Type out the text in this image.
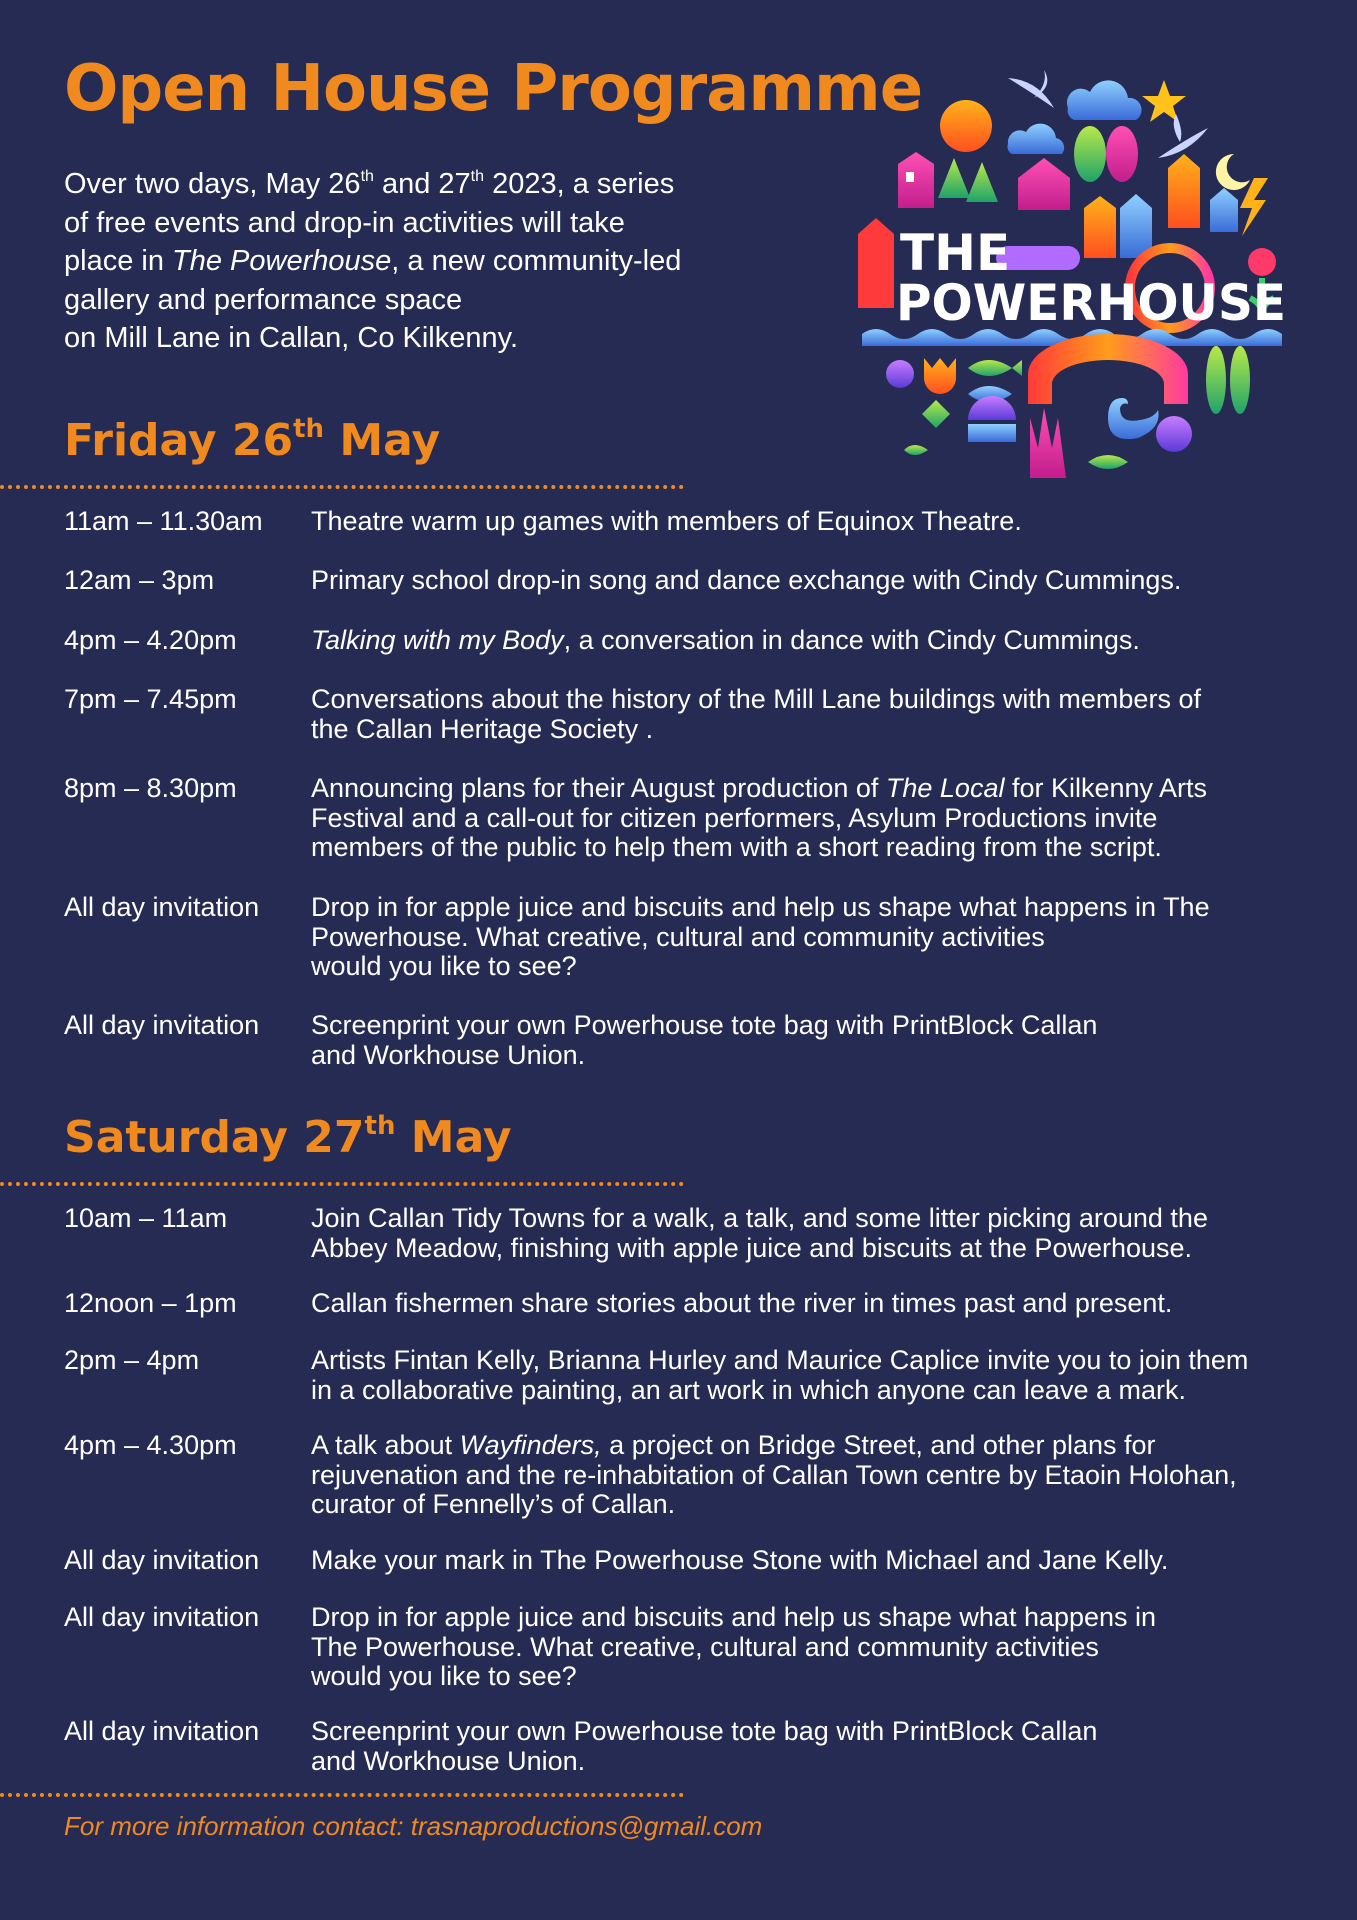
Open House Programme

Over two days, May 26th and 27th 2023, a series

of free events and drop-in activities will take

place in The Powerhouse, a new community-led

gallery and performance space

on Mill Lane in Callan, Co Kilkenny.

THE
POWERHOUSE
Friday 26th May
11am – 11.30am	Theatre warm up games with members of Equinox Theatre.
12am – 3pm	Primary school drop-in song and dance exchange with Cindy Cummings.
4pm – 4.20pm	Talking with my Body, a conversation in dance with Cindy Cummings.
7pm – 7.45pm	Conversations about the history of the Mill Lane buildings with members of
the Callan Heritage Society .
8pm – 8.30pm	Announcing plans for their August production of The Local for Kilkenny Arts
Festival and a call-out for citizen performers, Asylum Productions invite
members of the public to help them with a short reading from the script.
All day invitation	Drop in for apple juice and biscuits and help us shape what happens in The
Powerhouse. What creative, cultural and community activities
would you like to see?
All day invitation	Screenprint your own Powerhouse tote bag with PrintBlock Callan
and Workhouse Union.
Saturday 27th May
10am – 11am	Join Callan Tidy Towns for a walk, a talk, and some litter picking around the
Abbey Meadow, finishing with apple juice and biscuits at the Powerhouse.
12noon – 1pm	Callan fishermen share stories about the river in times past and present.
2pm – 4pm	Artists Fintan Kelly, Brianna Hurley and Maurice Caplice invite you to join them
in a collaborative painting, an art work in which anyone can leave a mark.
4pm – 4.30pm	A talk about Wayfinders, a project on Bridge Street, and other plans for
rejuvenation and the re-inhabitation of Callan Town centre by Etaoin Holohan,
curator of Fennelly’s of Callan.
All day invitation	Make your mark in The Powerhouse Stone with Michael and Jane Kelly.
All day invitation	Drop in for apple juice and biscuits and help us shape what happens in
The Powerhouse. What creative, cultural and community activities
would you like to see?
All day invitation	Screenprint your own Powerhouse tote bag with PrintBlock Callan
and Workhouse Union.
For more information contact: trasnaproductions@gmail.com
